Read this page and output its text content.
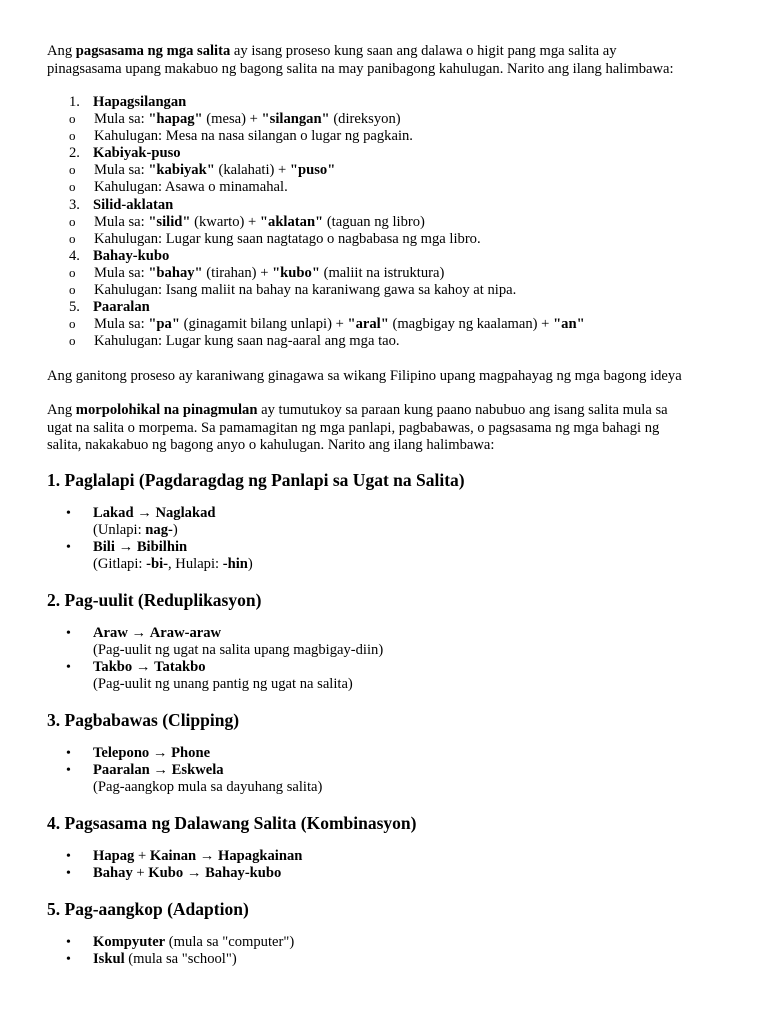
Ang pagsasama ng mga salita ay isang proseso kung saan ang dalawa o higit pang mga salita ay
pinagsasama upang makabuo ng bagong salita na may panibagong kahulugan. Narito ang ilang halimbawa:
1. Hapagsilangan
o Mula sa: "hapag" (mesa) + "silangan" (direksyon)
o Kahulugan: Mesa na nasa silangan o lugar ng pagkain.
2. Kabiyak-puso
o Mula sa: "kabiyak" (kalahati) + "puso"
o Kahulugan: Asawa o minamahal.
3. Silid-aklatan
o Mula sa: "silid" (kwarto) + "aklatan" (taguan ng libro)
o Kahulugan: Lugar kung saan nagtatago o nagbabasa ng mga libro.
4. Bahay-kubo
o Mula sa: "bahay" (tirahan) + "kubo" (maliit na istruktura)
o Kahulugan: Isang maliit na bahay na karaniwang gawa sa kahoy at nipa.
5. Paaralan
o Mula sa: "pa" (ginagamit bilang unlapi) + "aral" (magbigay ng kaalaman) + "an"
o Kahulugan: Lugar kung saan nag-aaral ang mga tao.
Ang ganitong proseso ay karaniwang ginagawa sa wikang Filipino upang magpahayag ng mga bagong ideya
Ang morpolohikal na pinagmulan ay tumutukoy sa paraan kung paano nabubuo ang isang salita mula sa
ugat na salita o morpema. Sa pamamagitan ng mga panlapi, pagbabawas, o pagsasama ng mga bahagi ng
salita, nakakabuo ng bagong anyo o kahulugan. Narito ang ilang halimbawa:
1. Paglalapi (Pagdaragdag ng Panlapi sa Ugat na Salita)
• Lakad → Naglakad
(Unlapi: nag-)
• Bili → Bibilhin
(Gitlapi: -bi-, Hulapi: -hin)
2. Pag-uulit (Reduplikasyon)
• Araw → Araw-araw
(Pag-uulit ng ugat na salita upang magbigay-diin)
• Takbo → Tatakbo
(Pag-uulit ng unang pantig ng ugat na salita)
3. Pagbabawas (Clipping)
• Telepono → Phone
• Paaralan → Eskwela
(Pag-aangkop mula sa dayuhang salita)
4. Pagsasama ng Dalawang Salita (Kombinasyon)
• Hapag + Kainan → Hapagkainan
• Bahay + Kubo → Bahay-kubo
5. Pag-aangkop (Adaption)
• Kompyuter (mula sa "computer")
• Iskul (mula sa "school")
